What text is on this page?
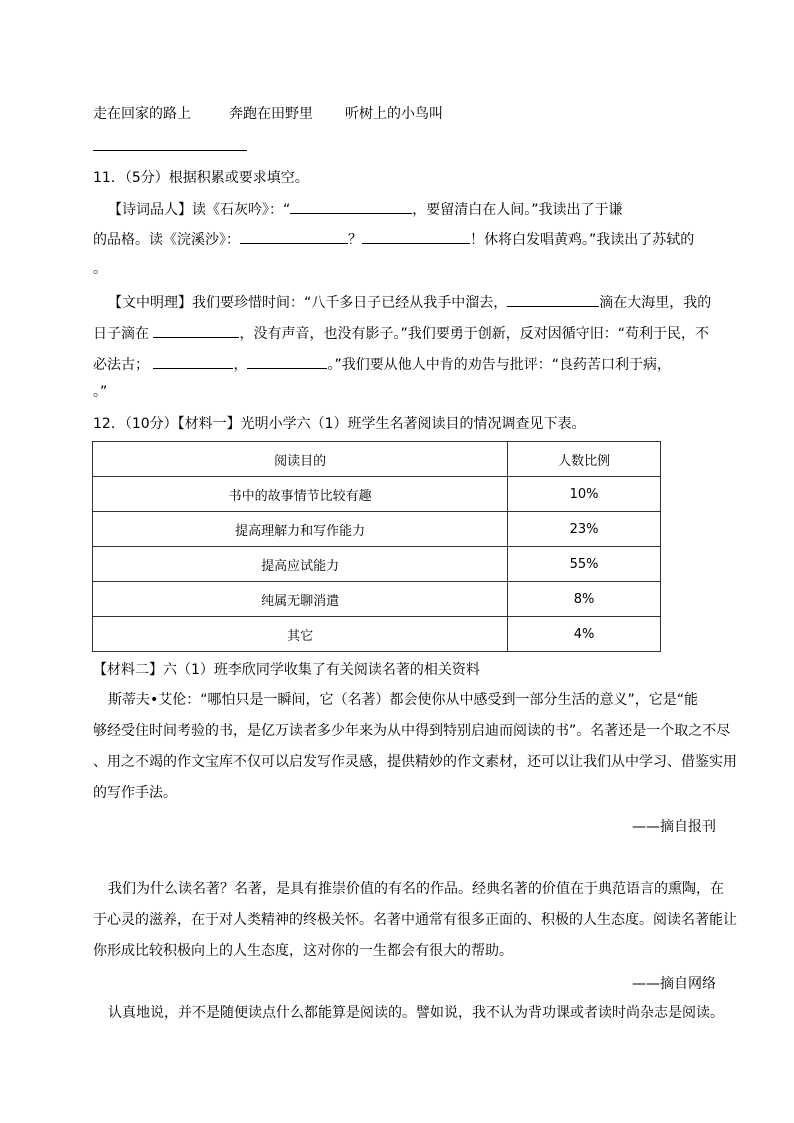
走在回家的路上	奔跑在田野里 听树上的小鸟叫
11．（5分）根据积累或要求填空。
【诗词品人】读《石灰吟》：“	，要留清白在人间。”我读出了于谦
的品格。读《浣溪沙》：	？	！休将白发唱黄鸡。”我读出了苏轼的
。
【文中明理】我们要珍惜时间：“八千多日子已经从我手中溜去，	滴在大海里，我的
日子滴在	，没有声音，也没有影子。”我们要勇于创新，反对因循守旧：“苟利于民，不
必法古；	，	。”我们要从他人中肯的劝告与批评：“良药苦口利于病，
。”
12．（10分）【材料一】光明小学六（1）班学生名著阅读目的情况调查见下表。
阅读目的	人数比例
书中的故事情节比较有趣	10%
提高理解力和写作能力	23%
提高应试能力	55%
纯属无聊消遣	8%
其它	4%
【材料二】六（1）班李欣同学收集了有关阅读名著的相关资料
斯蒂夫•艾伦：“哪怕只是一瞬间，它（名著）都会使你从中感受到一部分生活的意义”，它是“能
够经受住时间考验的书，是亿万读者多少年来为从中得到特别启迪而阅读的书”。名著还是一个取之不尽
、用之不竭的作文宝库不仅可以启发写作灵感，提供精妙的作文素材，还可以让我们从中学习、借鉴实用
的写作手法。
——摘自报刊
我们为什么读名著？名著，是具有推崇价值的有名的作品。经典名著的价值在于典范语言的熏陶，在
于心灵的滋养，在于对人类精神的终极关怀。名著中通常有很多正面的、积极的人生态度。阅读名著能让
你形成比较积极向上的人生态度，这对你的一生都会有很大的帮助。
——摘自网络
认真地说，并不是随便读点什么都能算是阅读的。譬如说，我不认为背功课或者读时尚杂志是阅读。
